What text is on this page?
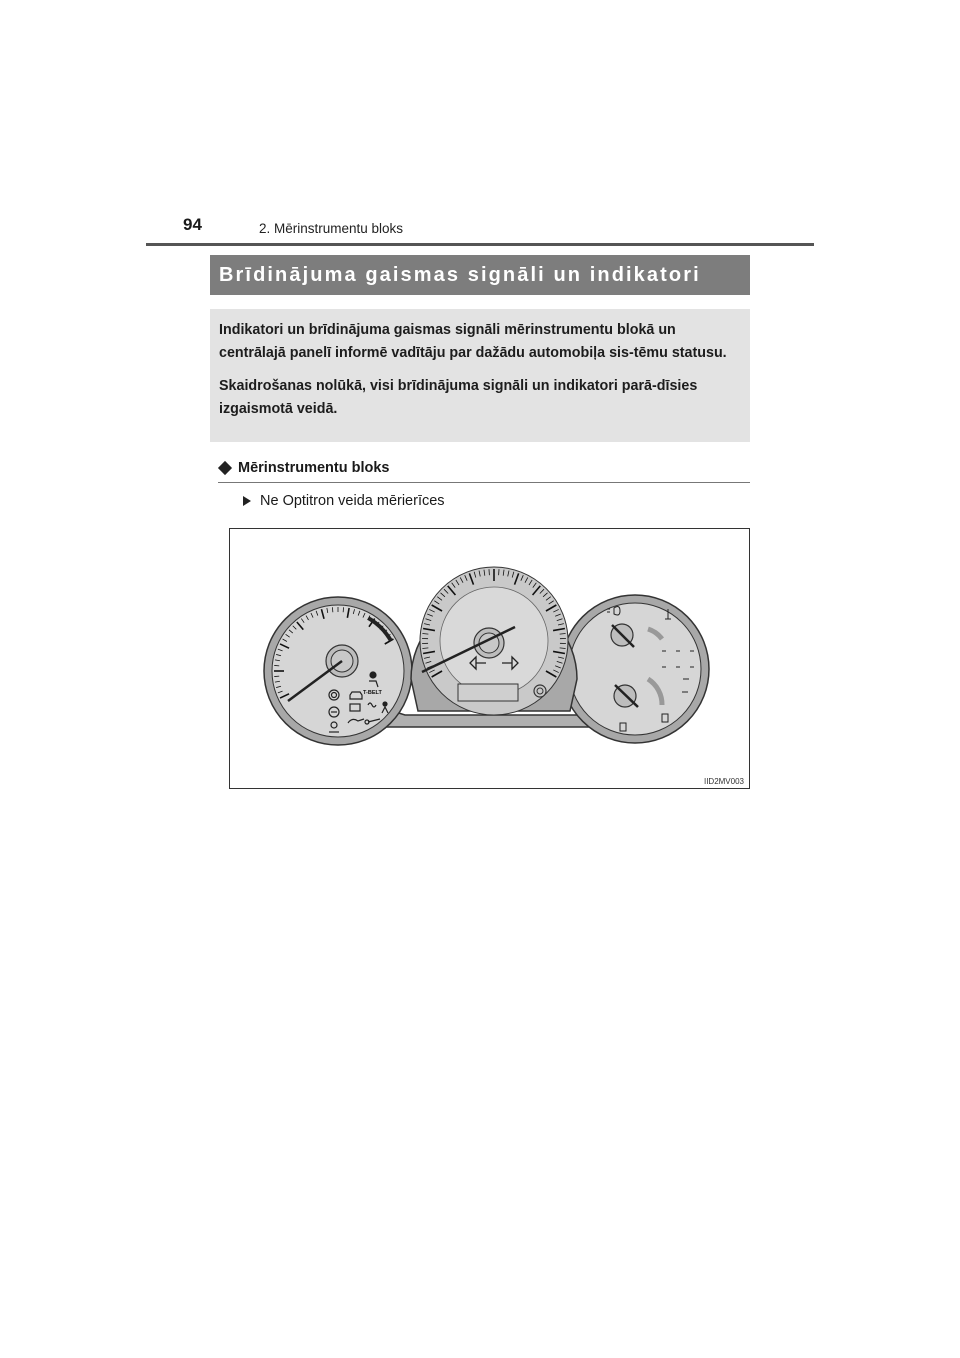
94	2. Mērinstrumentu bloks
Brīdinājuma gaismas signāli un indikatori

Indikatori un brīdinājuma gaismas signāli mērinstrumentu blokā un centrālajā panelī informē vadītāju par dažādu automobiļa sis-tēmu statusu.

Skaidrošanas nolūkā, visi brīdinājuma signāli un indikatori parā-dīsies izgaismotā veidā.

Mērinstrumentu bloks
Ne Optitron veida mērierīces
T-BELT
IID2MV003
